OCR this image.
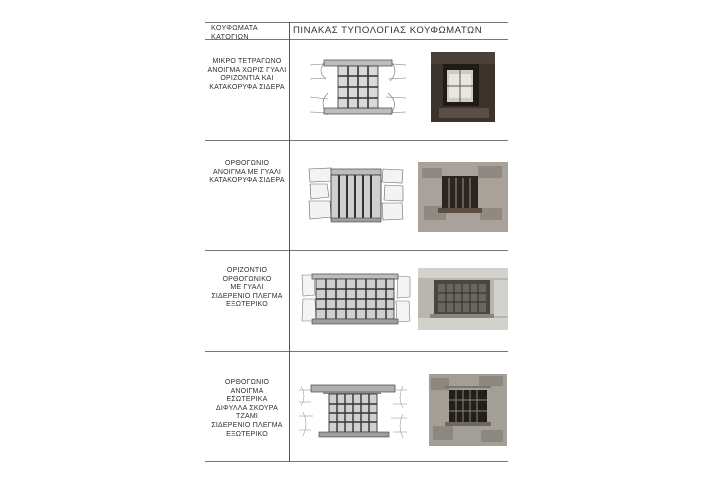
ΚΟΥΦΩΜΑΤΑ
ΚΑΤΟΓΙΩΝ	ΠΙΝΑΚΑΣ ΤΥΠΟΛΟΓΙΑΣ ΚΟΥΦΩΜΑΤΩΝ
ΜΙΚΡΟ ΤΕΤΡΑΓΩΝΟ
ΑΝΟΙΓΜΑ ΧΩΡΙΣ ΓΥΑΛΙ
ΟΡΙΖΟΝΤΙΑ ΚΑΙ
ΚΑΤΑΚΟΡΥΦΑ ΣΙΔΕΡΑ
ΟΡΘΟΓΩΝΙΟ
ΑΝΟΙΓΜΑ ΜΕ ΓΥΑΛΙ
ΚΑΤΑΚΟΡΥΦΑ ΣΙΔΕΡΑ
ΟΡΙΖΟΝΤΙΟ
ΟΡΘΟΓΩΝΙΚΟ
ΜΕ ΓΥΑΛΙ
ΣΙΔΕΡΕΝΙΟ ΠΛΕΓΜΑ
ΕΞΩΤΕΡΙΚΟ
ΟΡΘΟΓΩΝΙΟ
ΑΝΟΙΓΜΑ
ΕΣΩΤΕΡΙΚΑ
ΔΙΦΥΛΛΑ ΣΚΟΥΡΑ
ΤΖΑΜΙ
ΣΙΔΕΡΕΝΙΟ ΠΛΕΓΜΑ
ΕΞΩΤΕΡΙΚΟ
